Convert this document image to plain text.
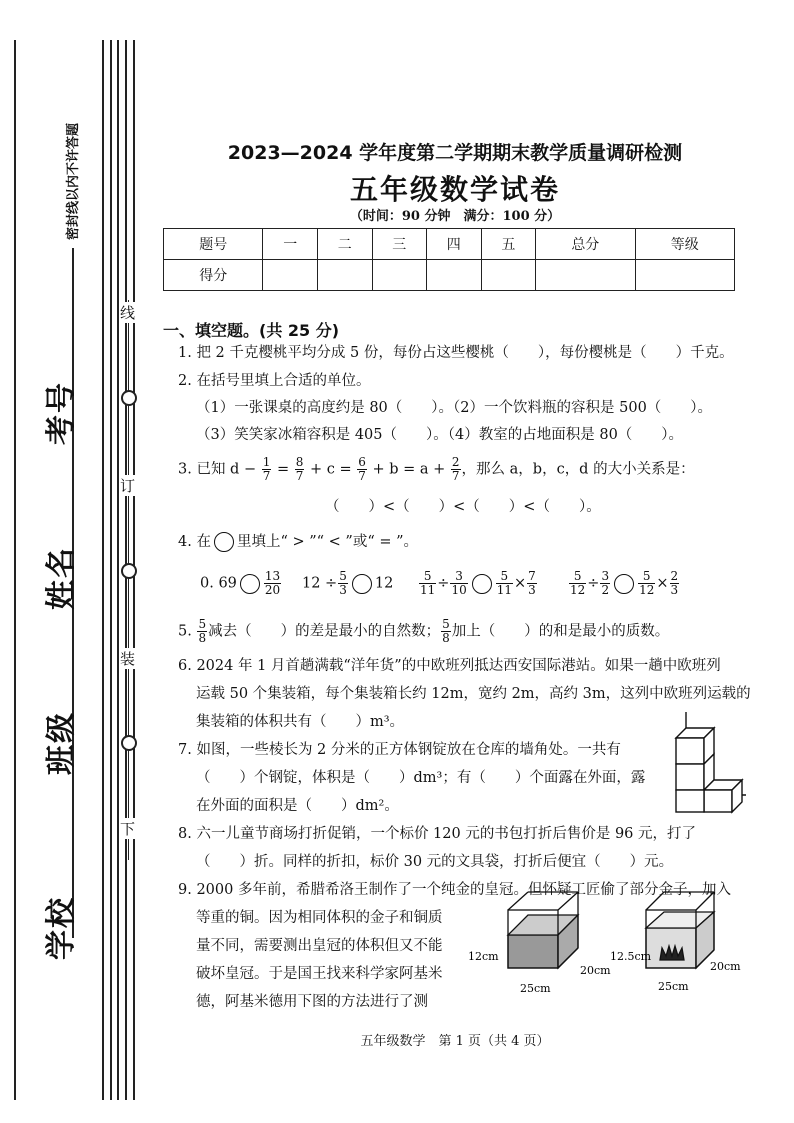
密封线以内不许答题
学校
班级
姓名
考号
线
订
装
下
2023—2024 学年度第二学期期末教学质量调研检测
五年级数学试卷
（时间：90 分钟　满分：100 分）
题号	一	二	三	四	五	总分	等级
得分							
一、填空题。(共 25 分)
1. 把 2 千克樱桃平均分成 5 份，每份占这些樱桃（　　），每份樱桃是（　　）千克。
2. 在括号里填上合适的单位。
（1）一张课桌的高度约是 80（　　）。（2）一个饮料瓶的容积是 500（　　）。
（3）笑笑家冰箱容积是 405（　　）。（4）教室的占地面积是 80（　　）。
3. 已知 $d - \frac{1}{7} = \frac{8}{7} + c = \frac{6}{7} + b = a + \frac{2}{7}$ ，那么 a，b，c，d 的大小关系是：
（　　）<（　　）<（　　）<（　　）。
4. 在 里填上“ > ”“ < ”或“ = ”。
0. $69 \frac{13}{20} 12 \div \frac{5}{3} 12 \frac{5}{11} \div \frac{3}{10} \frac{5}{11} \times \frac{7}{3}$	$\frac{5}{12} \div \frac{3}{2} \frac{5}{12} \times \frac{2}{3}$
5. $\frac{5}{8}$ 减去（　　）的差是最小的自然数； $\frac{5}{8}$ 加上（　　）的和是最小的质数。
6. 2024 年 1 月首趟满载“洋年货”的中欧班列抵达西安国际港站。如果一趟中欧班列
运载 50 个集装箱，每个集装箱长约 12m，宽约 2m，高约 3m，这列中欧班列运载的
集装箱的体积共有（　　）m³。
7. 如图，一些棱长为 2 分米的正方体钢锭放在仓库的墙角处。一共有
（　　）个钢锭，体积是（　　）dm³；有（　　）个面露在外面，露
在外面的面积是（　　）dm²。
8. 六一儿童节商场打折促销，一个标价 120 元的书包打折后售价是 96 元，打了
（　　）折。同样的折扣，标价 30 元的文具袋，打折后便宜（　　）元。
9. 2000 多年前，希腊希洛王制作了一个纯金的皇冠。但怀疑工匠偷了部分金子，加入
等重的铜。因为相同体积的金子和铜质
量不同，需要测出皇冠的体积但又不能
破坏皇冠。于是国王找来科学家阿基米
德，阿基米德用下图的方法进行了测
12cm
20cm
25cm
12.5cm
20cm
25cm
五年级数学　第 1 页（共 4 页）
